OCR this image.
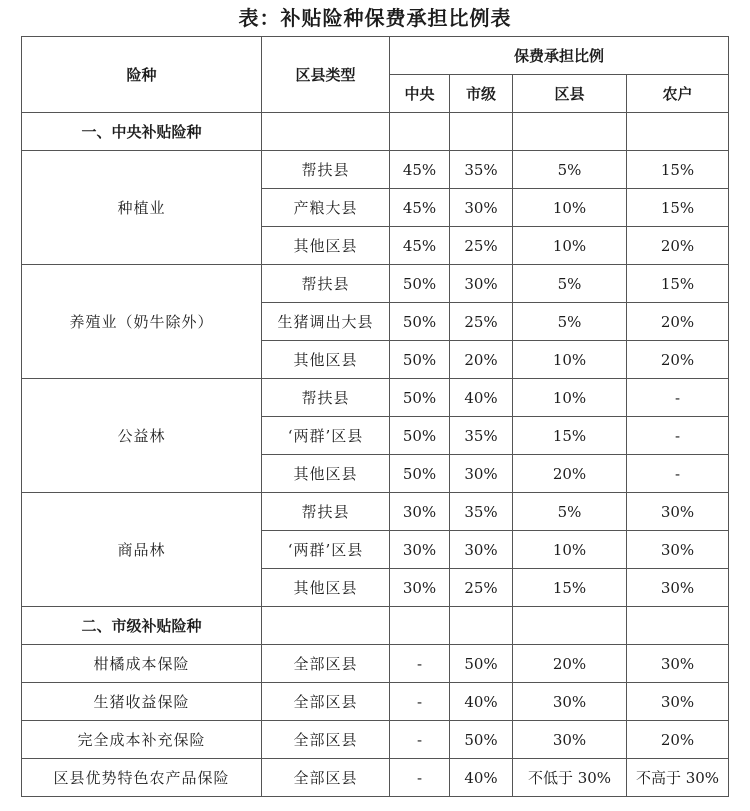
表：补贴险种保费承担比例表
险种	区县类型	保费承担比例			
		中央	市级	区县	农户
一、中央补贴险种					
种植业	帮扶县	45%	35%	5%	15%
	产粮大县	45%	30%	10%	15%
	其他区县	45%	25%	10%	20%
养殖业（奶牛除外）	帮扶县	50%	30%	5%	15%
	生猪调出大县	50%	25%	5%	20%
	其他区县	50%	20%	10%	20%
公益林	帮扶县	50%	40%	10%	-
	‘两群’区县	50%	35%	15%	-
	其他区县	50%	30%	20%	-
商品林	帮扶县	30%	35%	5%	30%
	‘两群’区县	30%	30%	10%	30%
	其他区县	30%	25%	15%	30%
二、市级补贴险种					
柑橘成本保险	全部区县	-	50%	20%	30%
生猪收益保险	全部区县	-	40%	30%	30%
完全成本补充保险	全部区县	-	50%	30%	20%
区县优势特色农产品保险	全部区县	-	40%	不低于 30%	不高于 30%
